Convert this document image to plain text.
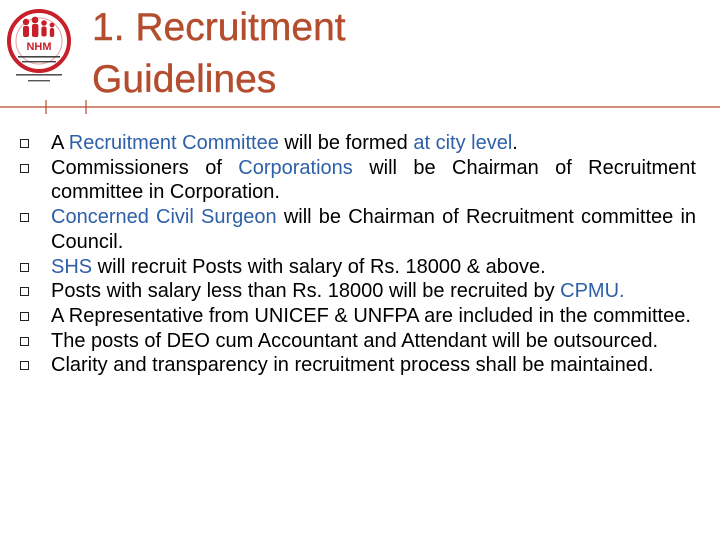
NHM 1. Recruitment
Guidelines
A Recruitment Committee will be formed at city level.
Commissioners of Corporations will be Chairman of Recruitment committee in Corporation.
Concerned Civil Surgeon will be Chairman of Recruitment committee in Council.
SHS will recruit Posts with salary of Rs. 18000 & above.
Posts with salary less than Rs. 18000 will be recruited by CPMU.
A Representative from UNICEF & UNFPA are included in the committee.
The posts of DEO cum Accountant and Attendant will be outsourced.
Clarity and transparency in recruitment process shall be maintained.
